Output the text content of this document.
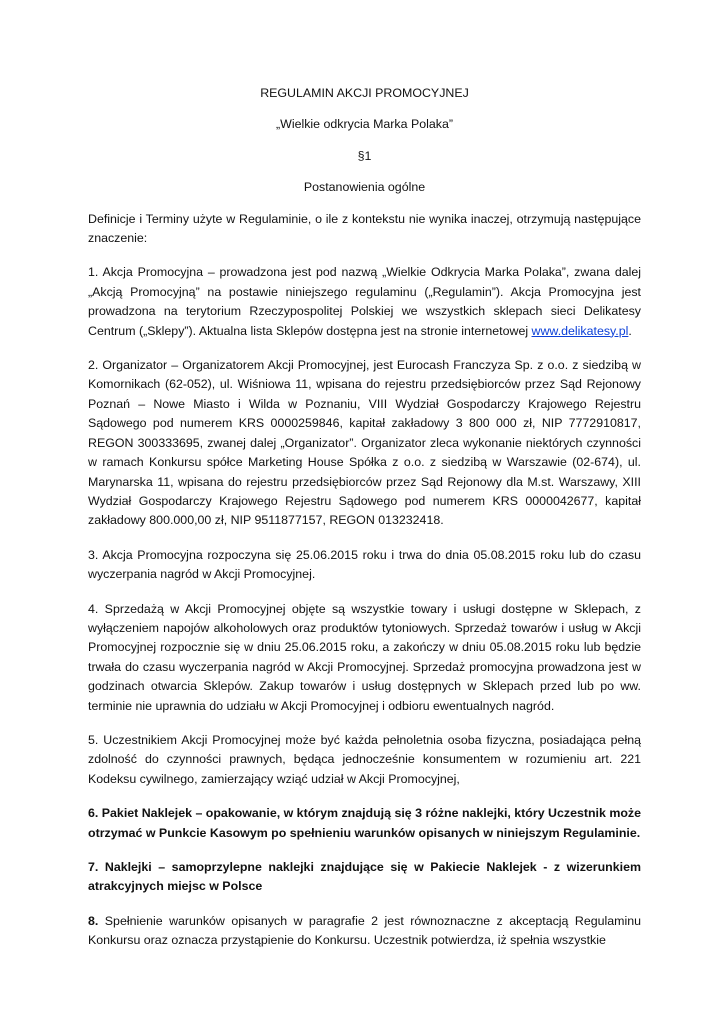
REGULAMIN AKCJI PROMOCYJNEJ
„Wielkie odkrycia Marka Polaka”
§1
Postanowienia ogólne

Definicje i Terminy użyte w Regulaminie, o ile z kontekstu nie wynika inaczej, otrzymują następujące znaczenie:

1. Akcja Promocyjna – prowadzona jest pod nazwą „Wielkie Odkrycia Marka Polaka”, zwana dalej „Akcją Promocyjną” na postawie niniejszego regulaminu („Regulamin”). Akcja Promocyjna jest prowadzona na terytorium Rzeczypospolitej Polskiej we wszystkich sklepach sieci Delikatesy Centrum („Sklepy”). Aktualna lista Sklepów dostępna jest na stronie internetowej www.delikatesy.pl.

2. Organizator – Organizatorem Akcji Promocyjnej, jest Eurocash Franczyza Sp. z o.o. z siedzibą w Komornikach (62-052), ul. Wiśniowa 11, wpisana do rejestru przedsiębiorców przez Sąd Rejonowy Poznań – Nowe Miasto i Wilda w Poznaniu, VIII Wydział Gospodarczy Krajowego Rejestru Sądowego pod numerem KRS 0000259846, kapitał zakładowy 3 800 000 zł, NIP 7772910817, REGON 300333695, zwanej dalej „Organizator”. Organizator zleca wykonanie niektórych czynności w ramach Konkursu spółce Marketing House Spółka z o.o. z siedzibą w Warszawie (02-674), ul. Marynarska 11, wpisana do rejestru przedsiębiorców przez Sąd Rejonowy dla M.st. Warszawy, XIII Wydział Gospodarczy Krajowego Rejestru Sądowego pod numerem KRS 0000042677, kapitał zakładowy 800.000,00 zł, NIP 9511877157, REGON 013232418.

3. Akcja Promocyjna rozpoczyna się 25.06.2015 roku i trwa do dnia 05.08.2015 roku lub do czasu wyczerpania nagród w Akcji Promocyjnej.

4. Sprzedażą w Akcji Promocyjnej objęte są wszystkie towary i usługi dostępne w Sklepach, z wyłączeniem napojów alkoholowych oraz produktów tytoniowych. Sprzedaż towarów i usług w Akcji Promocyjnej rozpocznie się w dniu 25.06.2015 roku, a zakończy w dniu 05.08.2015 roku lub będzie trwała do czasu wyczerpania nagród w Akcji Promocyjnej. Sprzedaż promocyjna prowadzona jest w godzinach otwarcia Sklepów. Zakup towarów i usług dostępnych w Sklepach przed lub po ww. terminie nie uprawnia do udziału w Akcji Promocyjnej i odbioru ewentualnych nagród.

5. Uczestnikiem Akcji Promocyjnej może być każda pełnoletnia osoba fizyczna, posiadająca pełną zdolność do czynności prawnych, będąca jednocześnie konsumentem w rozumieniu art. 221 Kodeksu cywilnego, zamierzający wziąć udział w Akcji Promocyjnej,

6. Pakiet Naklejek – opakowanie, w którym znajdują się 3 różne naklejki, który Uczestnik może otrzymać w Punkcie Kasowym po spełnieniu warunków opisanych w niniejszym Regulaminie.

7. Naklejki – samoprzylepne naklejki znajdujące się w Pakiecie Naklejek - z wizerunkiem atrakcyjnych miejsc w Polsce

8. Spełnienie warunków opisanych w paragrafie 2 jest równoznaczne z akceptacją Regulaminu Konkursu oraz oznacza przystąpienie do Konkursu. Uczestnik potwierdza, iż spełnia wszystkie
